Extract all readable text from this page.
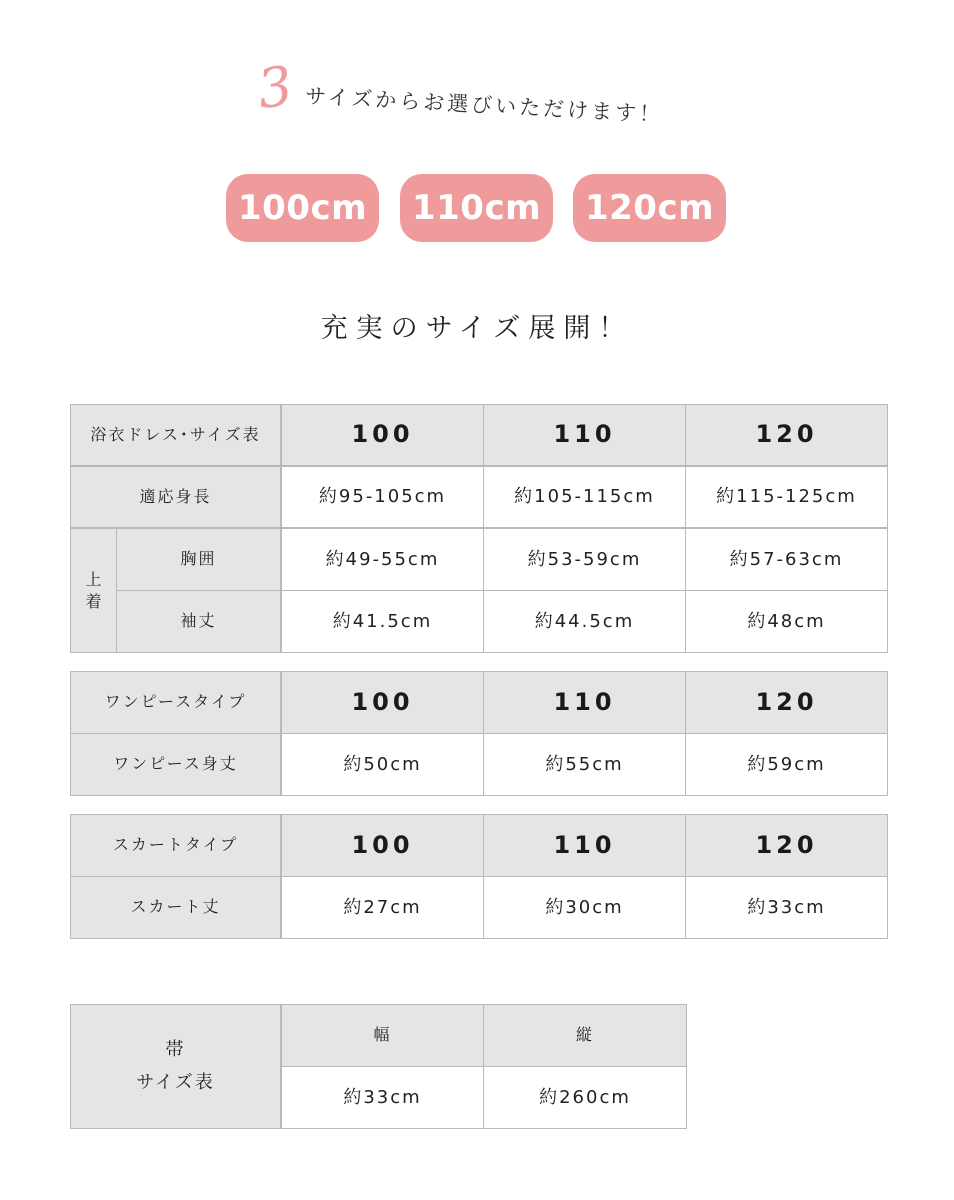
3 サイズからお選びいただけます！
100cm	110cm	120cm
充実のサイズ展開！
浴衣ドレス･サイズ表	100	110	120
適応身長	約95-105cm	約105-115cm	約115-125cm
上
着
胸囲	約49-55cm	約53-59cm	約57-63cm
袖丈	約41.5cm	約44.5cm	約48cm
ワンピースタイプ	100	110	120
ワンピース身丈	約50cm	約55cm	約59cm
スカートタイプ	100	110	120
スカート丈	約27cm	約30cm	約33cm
帯
サイズ表
幅	縦
約33cm	約260cm
